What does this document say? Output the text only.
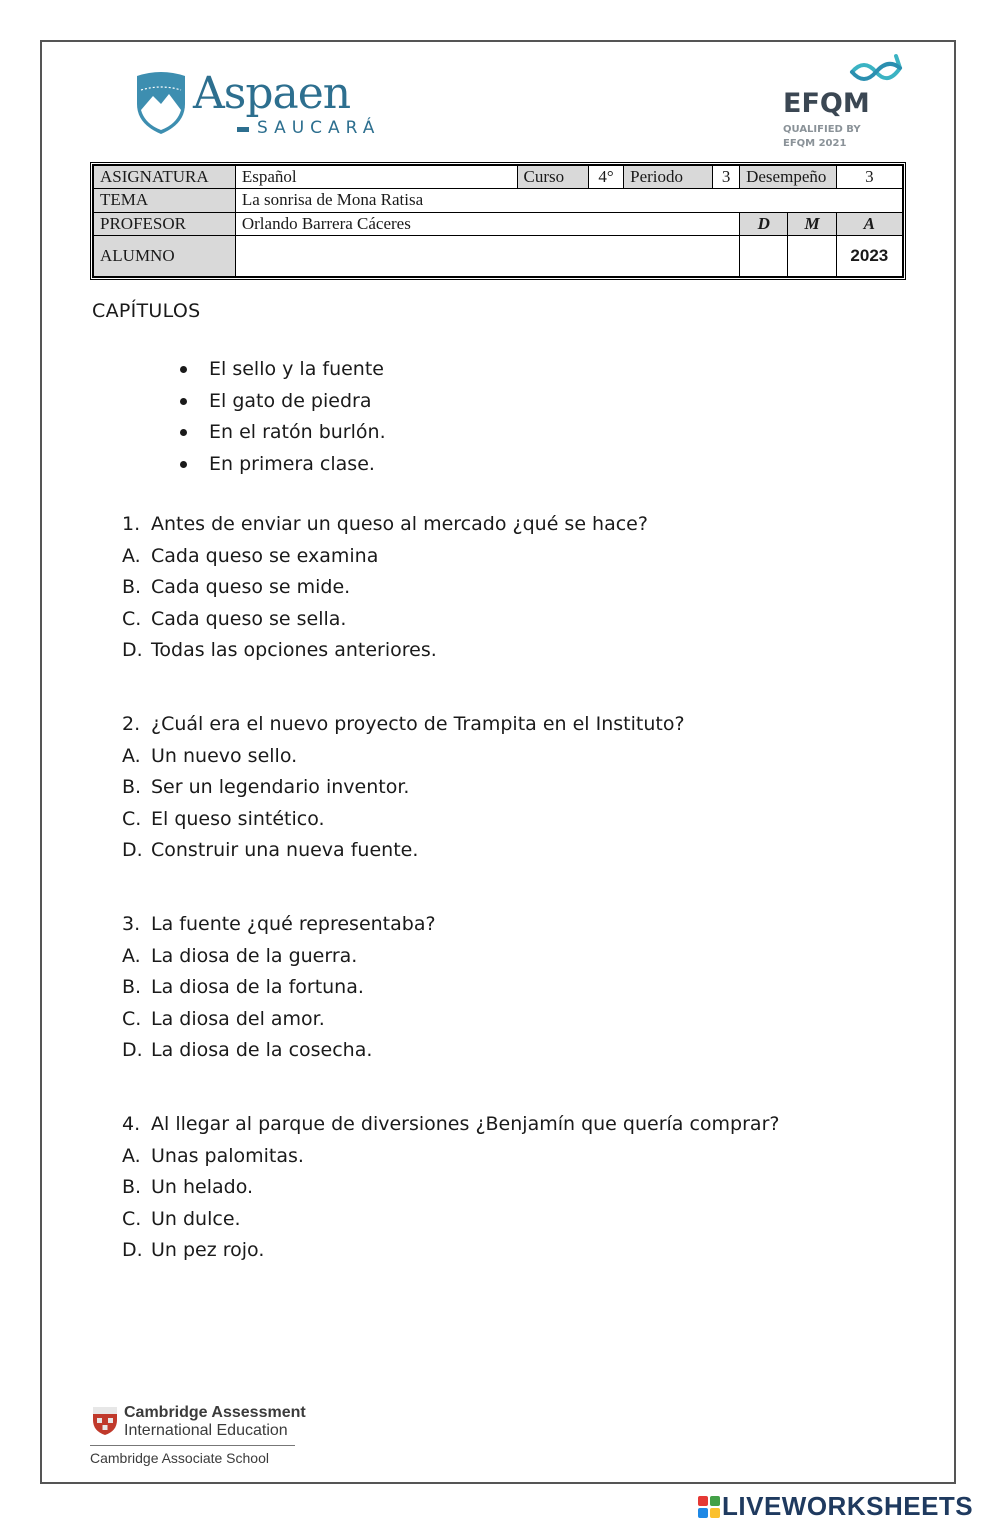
Aspaen
SAUCARÁ
EFQM
QUALIFIED BY
EFQM 2021
ASIGNATURA	Español	Curso	4°	Periodo	3	Desempeño		3
TEMA	La sonrisa de Mona Ratisa							
PROFESOR	Orlando Barrera Cáceres					D	M	A
ALUMNO								2023
CAPÍTULOS
El sello y la fuente
El gato de piedra
En el ratón burlón.
En primera clase.
1. Antes de enviar un queso al mercado ¿qué se hace?
A. Cada queso se examina
B. Cada queso se mide.
C. Cada queso se sella.
D. Todas las opciones anteriores.
2. ¿Cuál era el nuevo proyecto de Trampita en el Instituto?
A. Un nuevo sello.
B. Ser un legendario inventor.
C. El queso sintético.
D. Construir una nueva fuente.
3. La fuente ¿qué representaba?
A. La diosa de la guerra.
B. La diosa de la fortuna.
C. La diosa del amor.
D. La diosa de la cosecha.
4. Al llegar al parque de diversiones ¿Benjamín que quería comprar?
A. Unas palomitas.
B. Un helado.
C. Un dulce.
D. Un pez rojo.
Cambridge Assessment
International Education
Cambridge Associate School
LIVEWORKSHEETS
